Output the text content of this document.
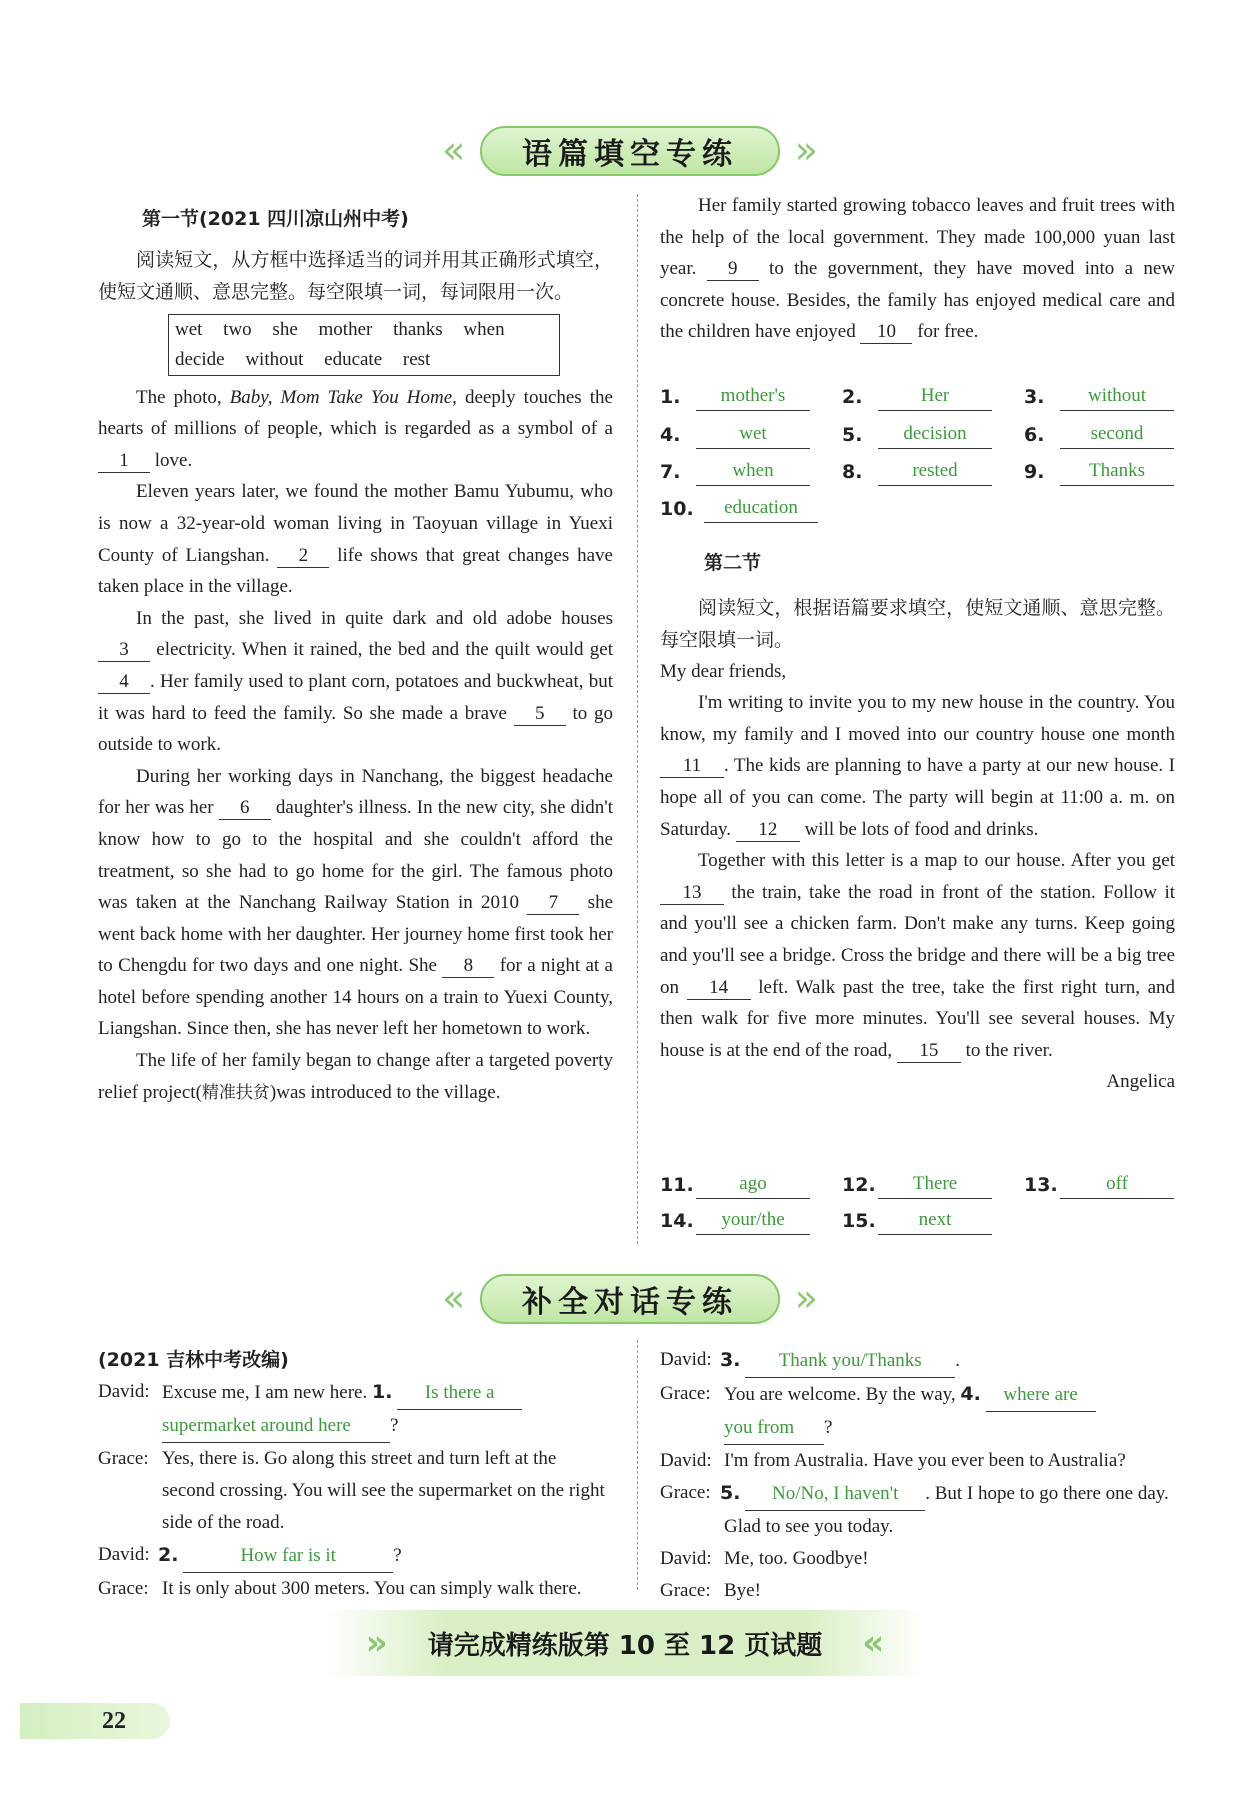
«	语篇填空专练	»

第一节(2021 四川凉山州中考)

阅读短文，从方框中选择适当的词并用其正确形式填空，使短文通顺、意思完整。每空限填一词，每词限用一次。

wet two she mother thanks when
decide without educate rest

The photo, Baby, Mom Take You Home, deeply touches the hearts of millions of people, which is regarded as a symbol of a 1 love.

Eleven years later, we found the mother Bamu Yubumu, who is now a 32-year-old woman living in Taoyuan village in Yuexi County of Liangshan. 2 life shows that great changes have taken place in the village.

In the past, she lived in quite dark and old adobe houses 3 electricity. When it rained, the bed and the quilt would get 4 . Her family used to plant corn, potatoes and buckwheat, but it was hard to feed the family. So she made a brave 5 to go outside to work.

During her working days in Nanchang, the biggest headache for her was her 6 daughter's illness. In the new city, she didn't know how to go to the hospital and she couldn't afford the treatment, so she had to go home for the girl. The famous photo was taken at the Nanchang Railway Station in 2010 7 she went back home with her daughter. Her journey home first took her to Chengdu for two days and one night. She 8 for a night at a hotel before spending another 14 hours on a train to Yuexi County, Liangshan. Since then, she has never left her hometown to work.

The life of her family began to change after a targeted poverty relief project(精准扶贫)was introduced to the village.

Her family started growing tobacco leaves and fruit trees with the help of the local government. They made 100,000 yuan last year. 9 to the government, they have moved into a new concrete house. Besides, the family has enjoyed medical care and the children have enjoyed 10 for free.

1.	mother's	2.	Her	3.	without
4.	wet	5.	decision	6.	second
7.	when	8.	rested	9.	Thanks
10.	education

第二节

阅读短文，根据语篇要求填空，使短文通顺、意思完整。每空限填一词。

My dear friends,

I'm writing to invite you to my new house in the country. You know, my family and I moved into our country house one month 11 . The kids are planning to have a party at our new house. I hope all of you can come. The party will begin at 11:00 a. m. on Saturday. 12 will be lots of food and drinks.

Together with this letter is a map to our house. After you get 13 the train, take the road in front of the station. Follow it and you'll see a chicken farm. Don't make any turns. Keep going and you'll see a bridge. Cross the bridge and there will be a big tree on 14 left. Walk past the tree, take the first right turn, and then walk for five more minutes. You'll see several houses. My house is at the end of the road, 15 to the river.

Angelica

11.	ago	12.	There	13.	off
14.	your/the	15.	next
«	补全对话专练	»
(2021 吉林中考改编)
David: Excuse me, I am new here. 1. Is there a
supermarket around here ?
Grace: Yes, there is. Go along this street and turn left at the second crossing. You will see the supermarket on the right side of the road.
David: 2.	How far is it	?
Grace: It is only about 300 meters. You can simply walk there.
David: 3. Thank you/Thanks .
Grace: You are welcome. By the way, 4. where are
you from ?
David: I'm from Australia. Have you ever been to Australia?
Grace: 5. No/No, I haven't . But I hope to go there one day. Glad to see you today.
David: Me, too. Goodbye!
Grace: Bye!
» 请完成精练版第 10 至 12 页试题 «
22
